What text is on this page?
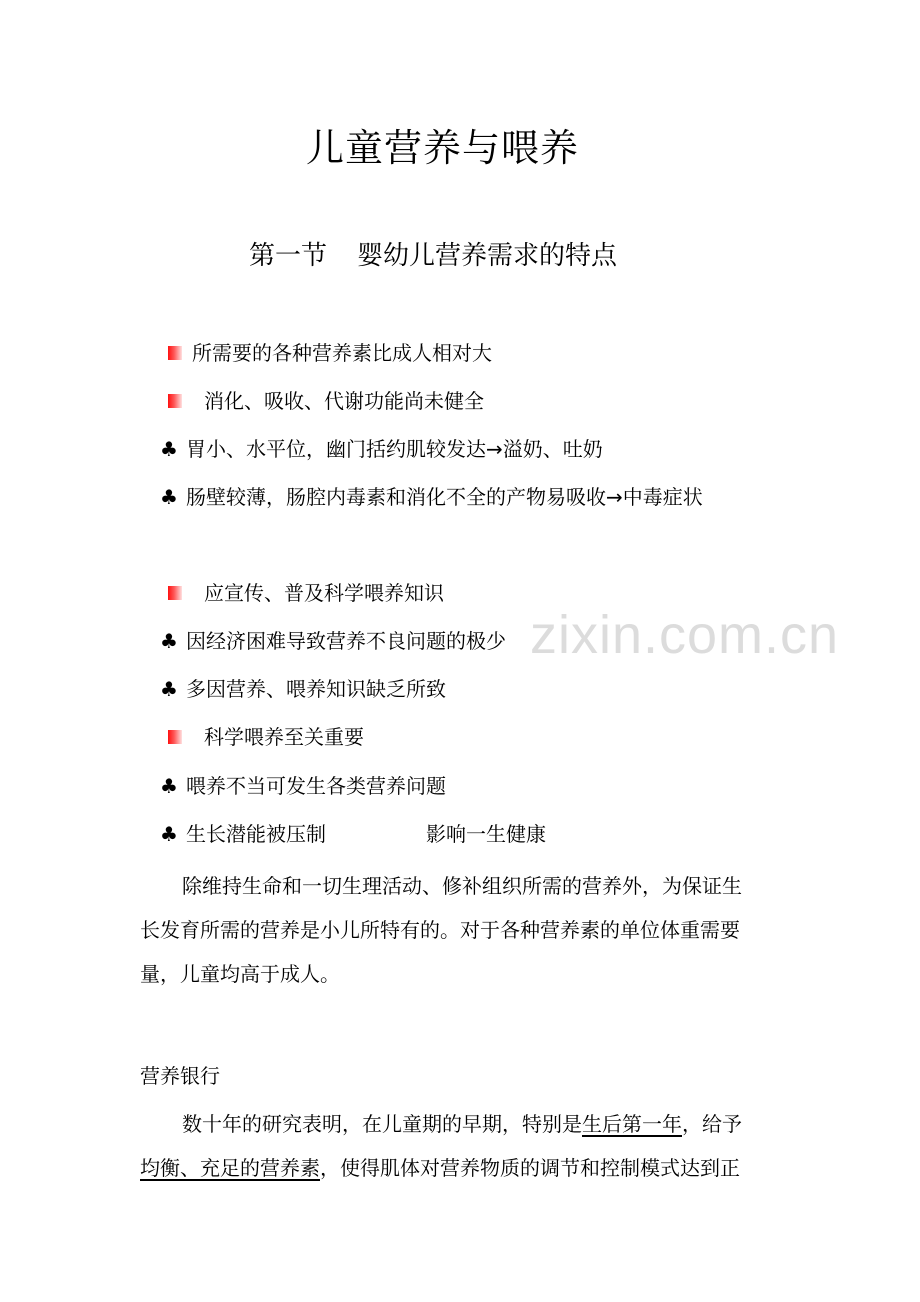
儿童营养与喂养
第一节 婴幼儿营养需求的特点
所需要的各种营养素比成人相对大
消化、吸收、代谢功能尚未健全
♣ 胃小、水平位，幽门括约肌较发达→溢奶、吐奶
♣ 肠壁较薄，肠腔内毒素和消化不全的产物易吸收→中毒症状
应宣传、普及科学喂养知识
♣ 因经济困难导致营养不良问题的极少
♣ 多因营养、喂养知识缺乏所致
科学喂养至关重要
♣ 喂养不当可发生各类营养问题
♣ 生长潜能被压制	影响一生健康
除维持生命和一切生理活动、修补组织所需的营养外，为保证生
长发育所需的营养是小儿所特有的。对于各种营养素的单位体重需要
量，儿童均高于成人。
营养银行
数十年的研究表明，在儿童期的早期，特别是生后第一年，给予
均衡、充足的营养素，使得肌体对营养物质的调节和控制模式达到正
zixin.com.cn
